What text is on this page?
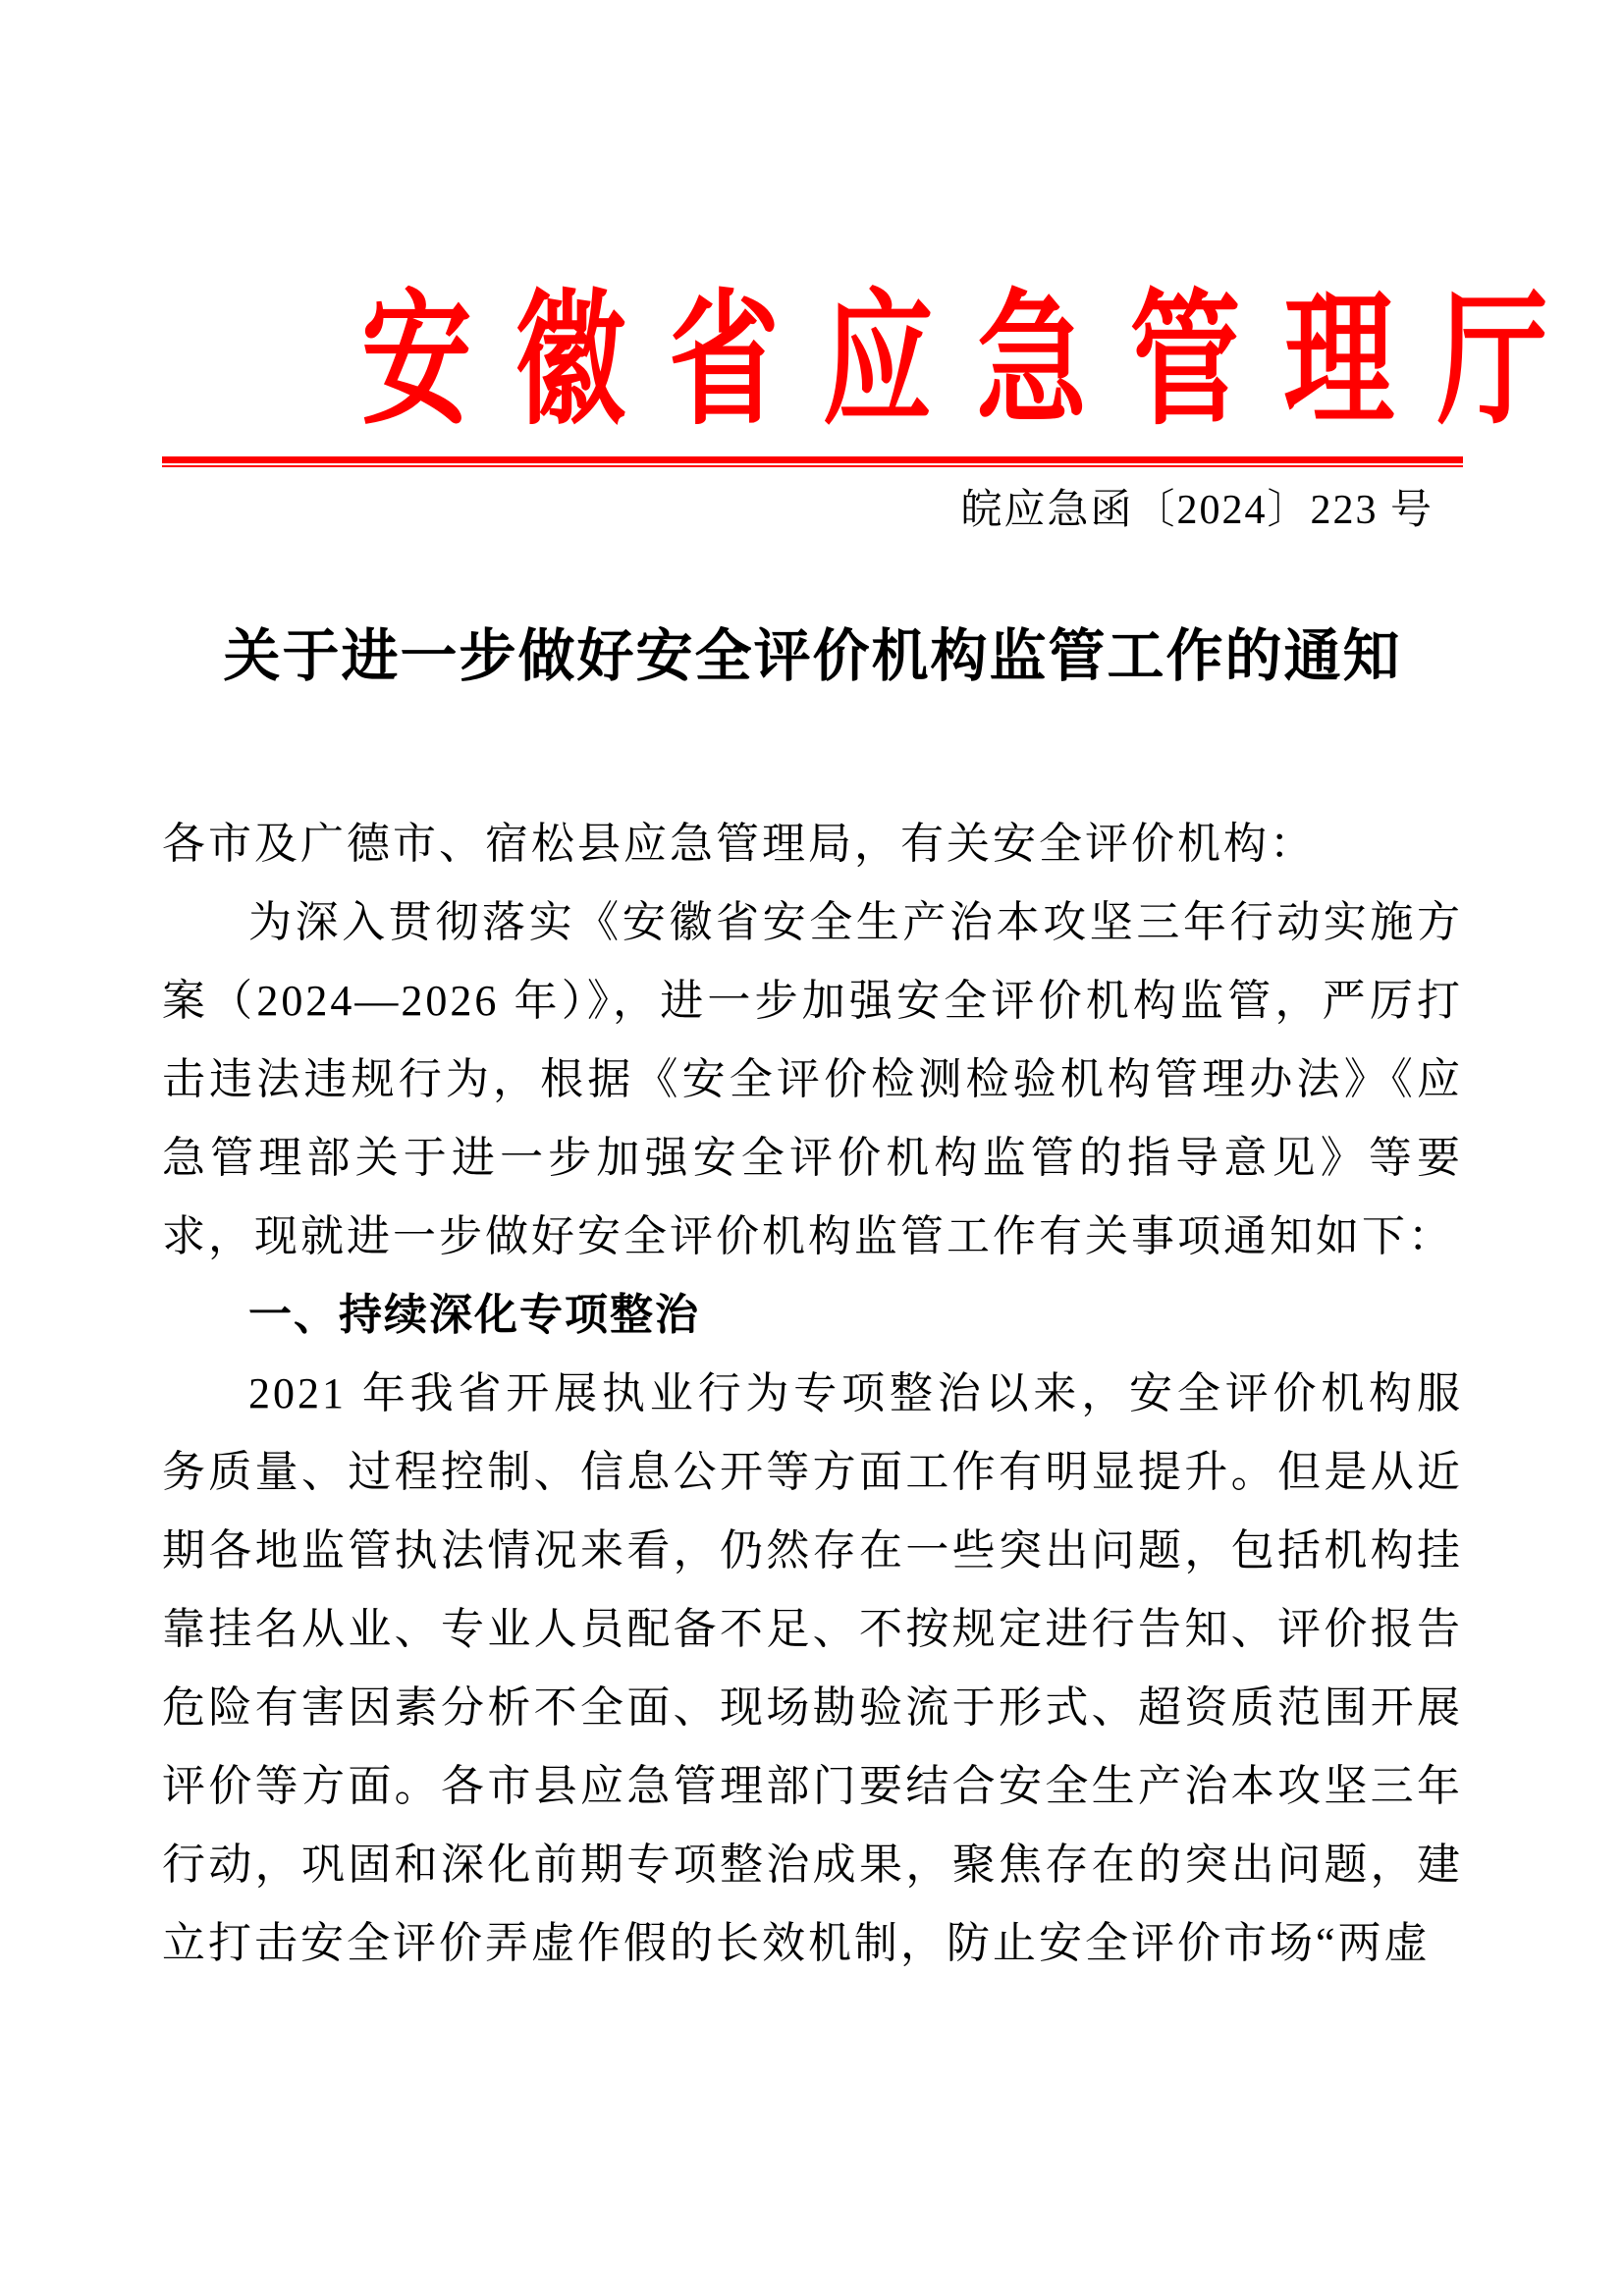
安徽省应急管理厅
皖应急函〔2024〕223 号
关于进一步做好安全评价机构监管工作的通知

各市及广德市、宿松县应急管理局，有关安全评价机构：

为深入贯彻落实《安徽省安全生产治本攻坚三年行动实施方案（2024—2026 年）》，进一步加强安全评价机构监管，严厉打击违法违规行为，根据《安全评价检测检验机构管理办法》《应急管理部关于进一步加强安全评价机构监管的指导意见》等要求，现就进一步做好安全评价机构监管工作有关事项通知如下：

一、持续深化专项整治

2021 年我省开展执业行为专项整治以来，安全评价机构服务质量、过程控制、信息公开等方面工作有明显提升。但是从近期各地监管执法情况来看，仍然存在一些突出问题，包括机构挂靠挂名从业、专业人员配备不足、不按规定进行告知、评价报告危险有害因素分析不全面、现场勘验流于形式、超资质范围开展评价等方面。各市县应急管理部门要结合安全生产治本攻坚三年行动，巩固和深化前期专项整治成果，聚焦存在的突出问题，建立打击安全评价弄虚作假的长效机制，防止安全评价市场“两虚
